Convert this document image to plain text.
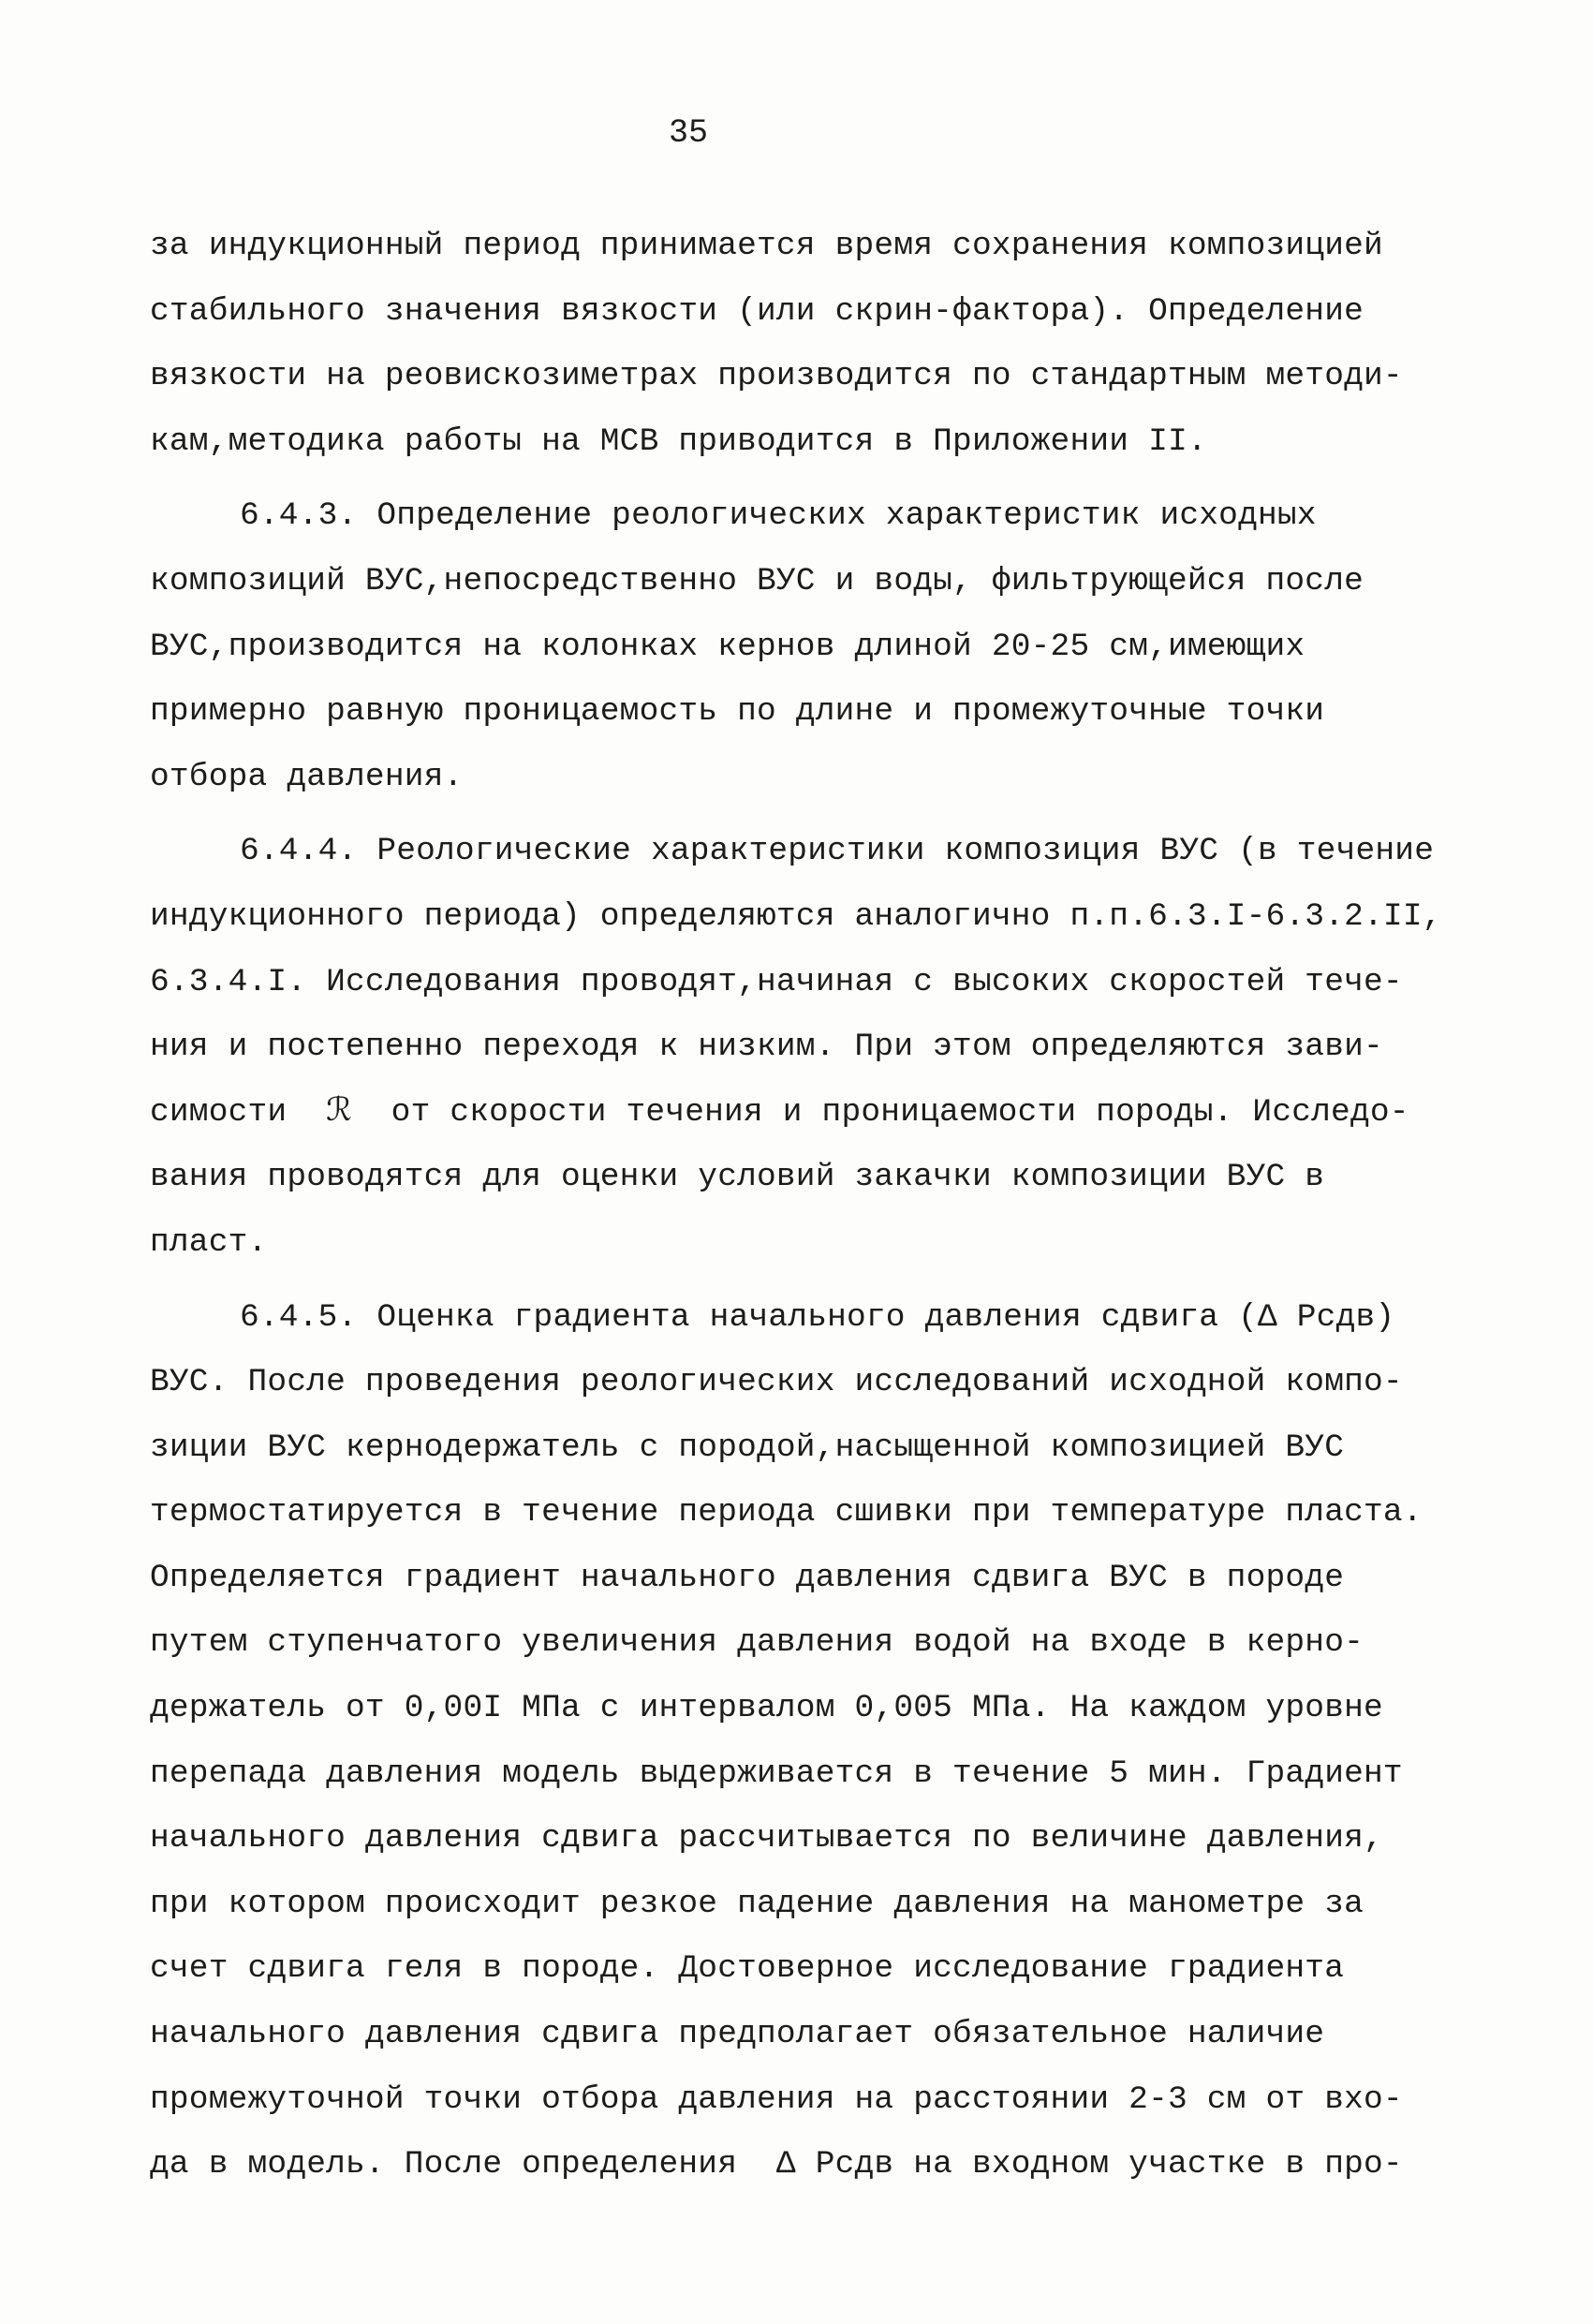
35
за индукционный период принимается время сохранения композицией
стабильного значения вязкости (или скрин-фактора). Определение
вязкости на реовискозиметрах производится по стандартным методи-
кам,методика работы на МСВ приводится в Приложении II.
6.4.3. Определение реологических характеристик исходных
композиций ВУС,непосредственно ВУС и воды, фильтрующейся после
ВУС,производится на колонках кернов длиной 20-25 см,имеющих
примерно равную проницаемость по длине и промежуточные точки
отбора давления.
6.4.4. Реологические характеристики композиция ВУС (в течение
индукционного периода) определяются аналогично п.п.6.3.I-6.3.2.II,
6.3.4.I. Исследования проводят,начиная с высоких скоростей тече-
ния и постепенно переходя к низким. При этом определяются зави-
симости  ℛ  от скорости течения и проницаемости породы. Исследо-
вания проводятся для оценки условий закачки композиции ВУС в
пласт.
6.4.5. Оценка градиента начального давления сдвига (Δ Pсдв)
ВУС. После проведения реологических исследований исходной компо-
зиции ВУС кернодержатель с породой,насыщенной композицией ВУС
термостатируется в течение периода сшивки при температуре пласта.
Определяется градиент начального давления сдвига ВУС в породе
путем ступенчатого увеличения давления водой на входе в керно-
держатель от 0,00I МПа с интервалом 0,005 МПа. На каждом уровне
перепада давления модель выдерживается в течение 5 мин. Градиент
начального давления сдвига рассчитывается по величине давления,
при котором происходит резкое падение давления на манометре за
счет сдвига геля в породе. Достоверное исследование градиента
начального давления сдвига предполагает обязательное наличие
промежуточной точки отбора давления на расстоянии 2-3 см от вхо-
да в модель. После определения  Δ Pсдв на входном участке в про-
